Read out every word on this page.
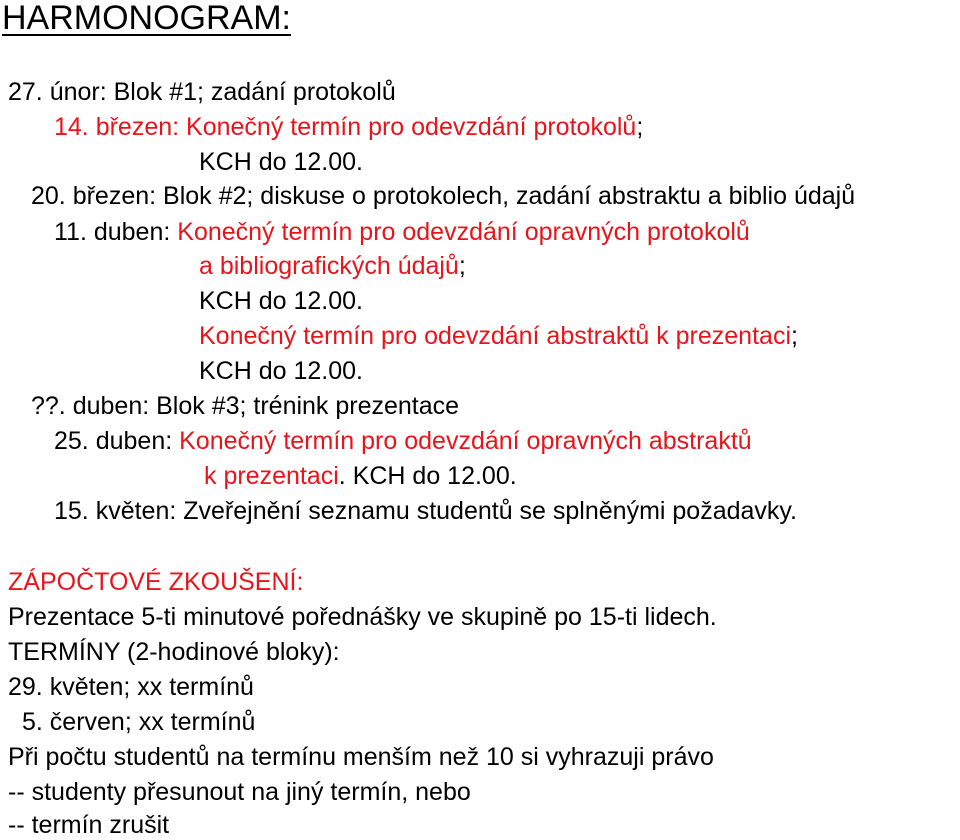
HARMONOGRAM:
27. únor: Blok #1; zadání protokolů
14. březen: Konečný termín pro odevzdání protokolů;
KCH do 12.00.
20. březen: Blok #2; diskuse o protokolech, zadání abstraktu a biblio údajů
11. duben: Konečný termín pro odevzdání opravných protokolů
a bibliografických údajů;
KCH do 12.00.
Konečný termín pro odevzdání abstraktů k prezentaci;
KCH do 12.00.
??. duben: Blok #3; trénink prezentace
25. duben: Konečný termín pro odevzdání opravných abstraktů
k prezentaci. KCH do 12.00.
15. květen: Zveřejnění seznamu studentů se splněnými požadavky.
ZÁPOČTOVÉ ZKOUŠENÍ:
Prezentace 5-ti minutové pořednášky ve skupině po 15-ti lidech.
TERMÍNY (2-hodinové bloky):
29. květen; xx termínů
5. červen; xx termínů
Při počtu studentů na termínu menším než 10 si vyhrazuji právo
-- studenty přesunout na jiný termín, nebo
-- termín zrušit
